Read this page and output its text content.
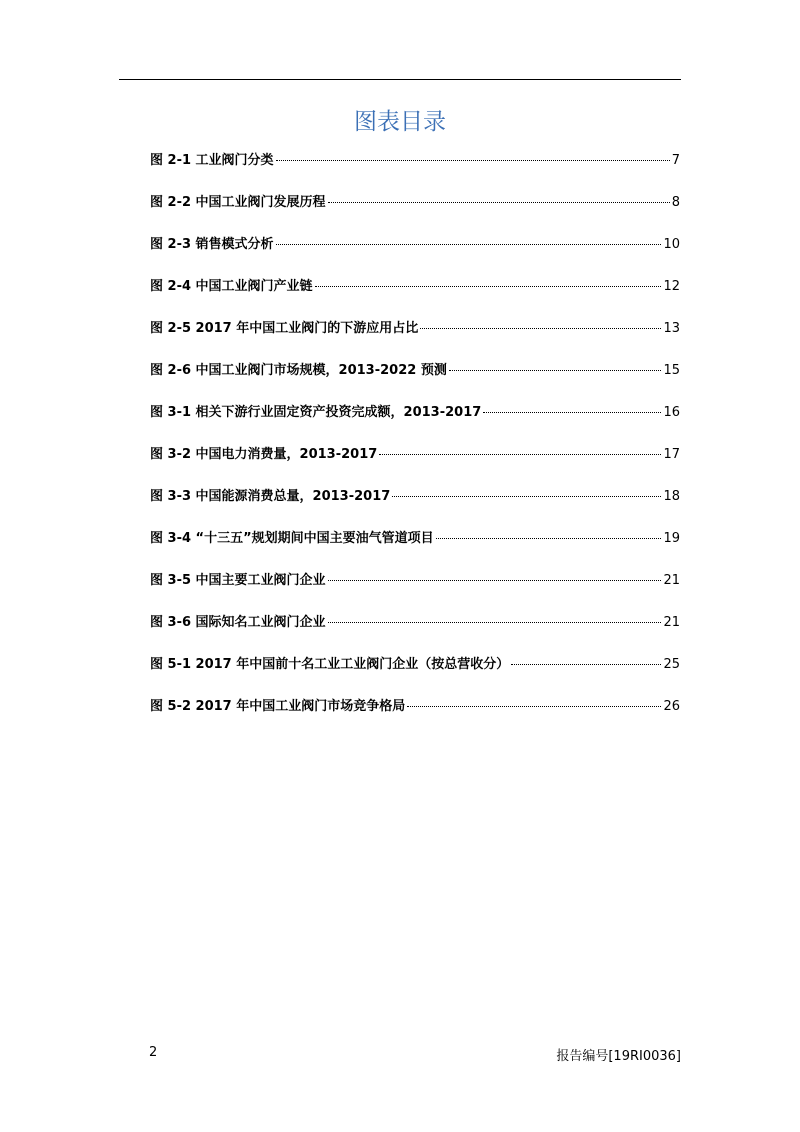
图表目录
图 2-1 工业阀门分类	7
图 2-2 中国工业阀门发展历程	8
图 2-3 销售模式分析	10
图 2-4 中国工业阀门产业链	12
图 2-5 2017 年中国工业阀门的下游应用占比	13
图 2-6 中国工业阀门市场规模，2013-2022 预测	15
图 3-1 相关下游行业固定资产投资完成额，2013-2017	16
图 3-2 中国电力消费量，2013-2017	17
图 3-3 中国能源消费总量，2013-2017	18
图 3-4 “十三五”规划期间中国主要油气管道项目	19
图 3-5 中国主要工业阀门企业	21
图 3-6 国际知名工业阀门企业	21
图 5-1 2017 年中国前十名工业工业阀门企业（按总营收分）	25
图 5-2 2017 年中国工业阀门市场竞争格局	26
2	报告编号[19RI0036]
